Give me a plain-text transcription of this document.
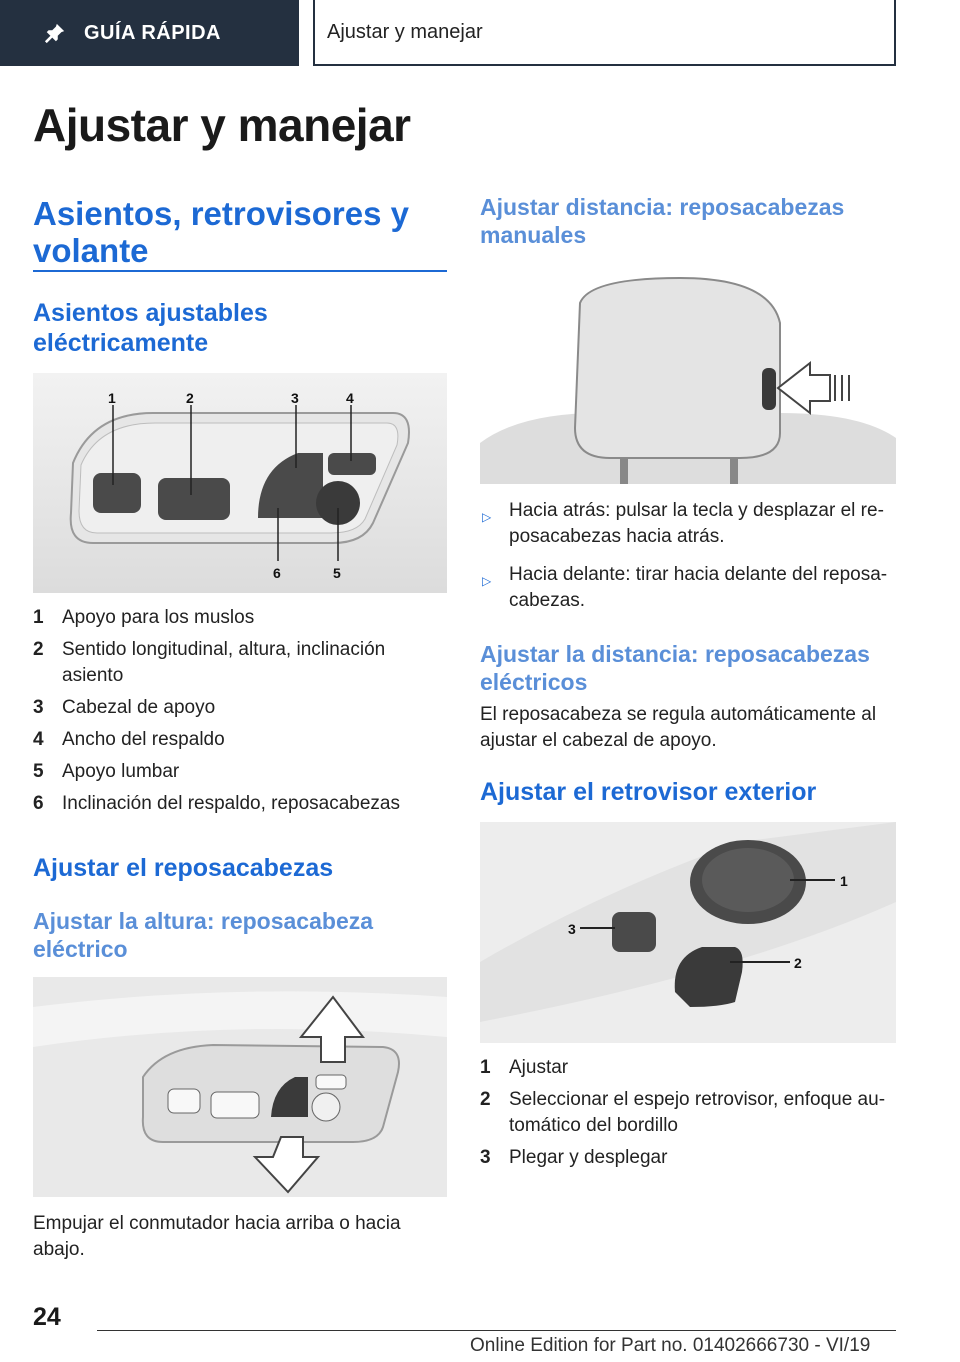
GUÍA RÁPIDA	Ajustar y manejar
Ajustar y manejar
Asientos, retrovisores y volante
Asientos ajustables eléctricamente
1	2	3	4
5
6
1 Apoyo para los muslos
2 Sentido longitudinal, altura, inclinación asiento
3 Cabezal de apoyo
4 Ancho del respaldo
5 Apoyo lumbar
6 Inclinación del respaldo, reposacabezas
Ajustar el reposacabezas
Ajustar la altura: reposacabeza eléctrico
Empujar el conmutador hacia arriba o hacia abajo.
Ajustar distancia: reposacabezas manuales
▷ Hacia atrás: pulsar la tecla y desplazar el reposacabezas hacia atrás.
▷ Hacia delante: tirar hacia delante del reposacabezas.
Ajustar la distancia: reposacabezas eléctricos
El reposacabeza se regula automáticamente al ajustar el cabezal de apoyo.
Ajustar el retrovisor exterior
1
2
3
1 Ajustar
2 Seleccionar el espejo retrovisor, enfoque automático del bordillo
3 Plegar y desplegar
24
Online Edition for Part no. 01402666730 - VI/19
